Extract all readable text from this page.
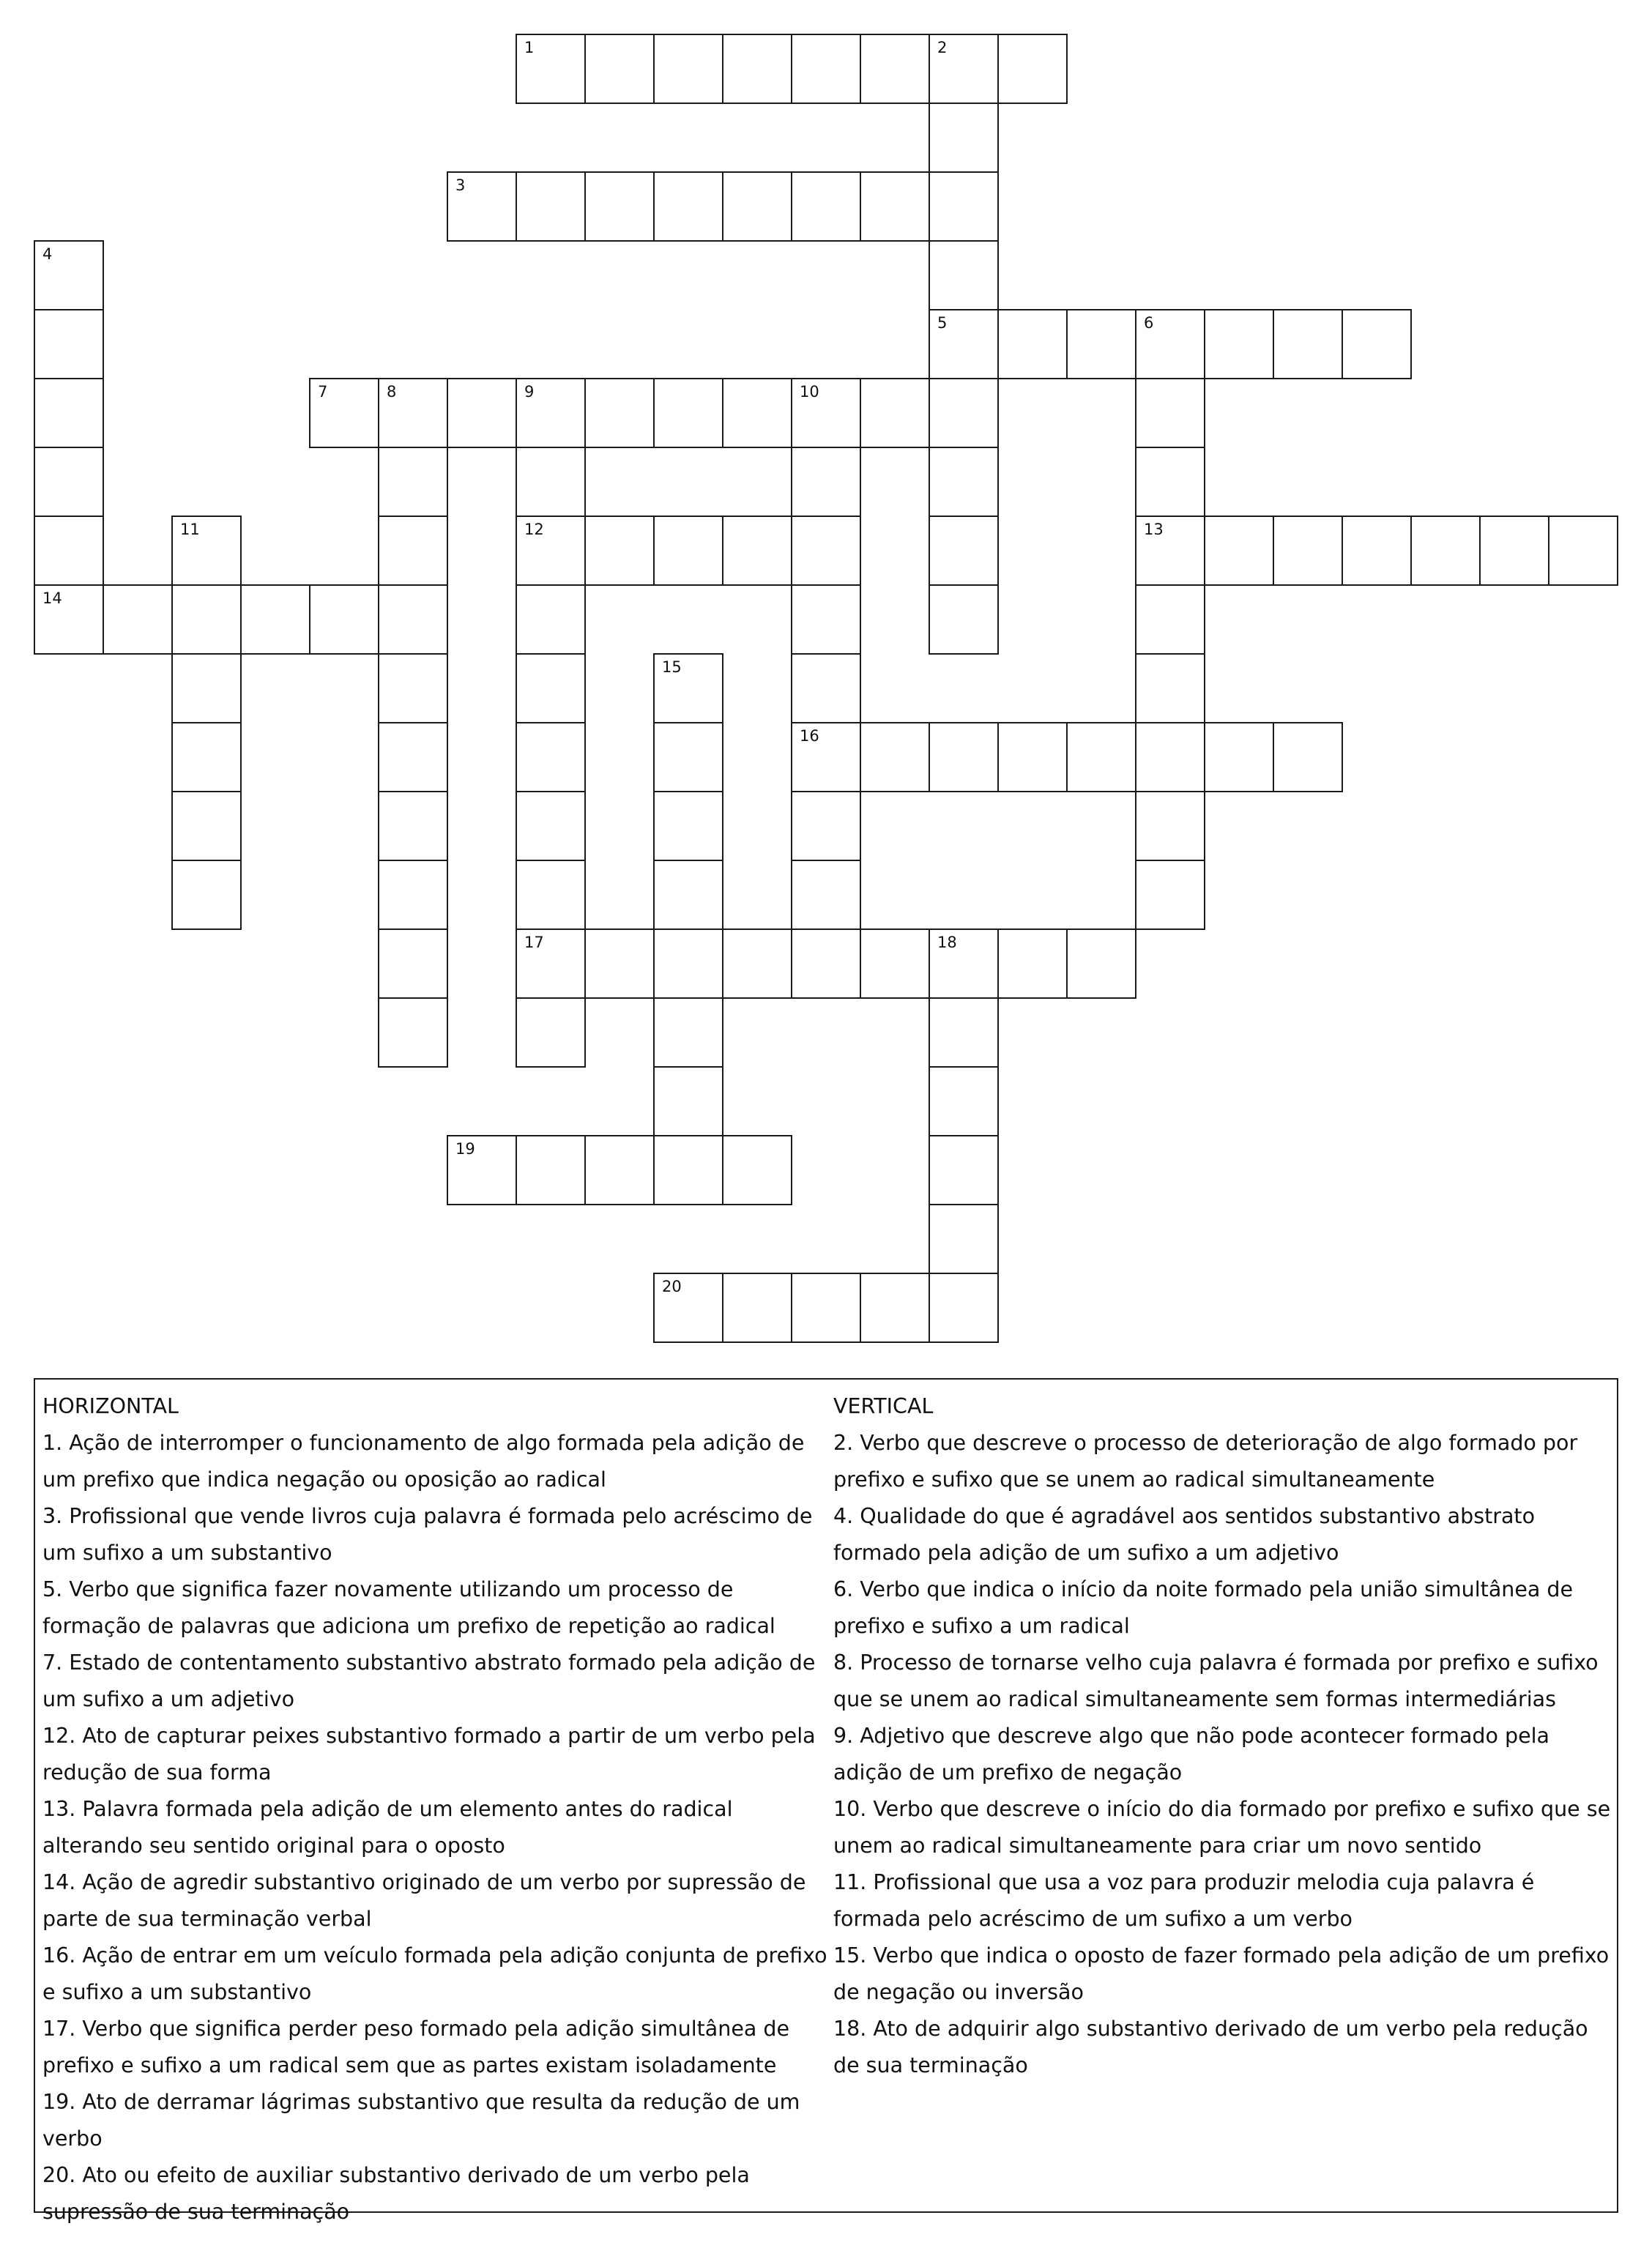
1	2
5
3
4
6
13
7	8	9	10
12
17
16
11
14
15
18
19
20

HORIZONTAL

1. Ação de interromper o funcionamento de algo formada pela adição de um prefixo que indica negação ou oposição ao radical

3. Profissional que vende livros cuja palavra é formada pelo acréscimo de um sufixo a um substantivo

5. Verbo que significa fazer novamente utilizando um processo de formação de palavras que adiciona um prefixo de repetição ao radical

7. Estado de contentamento substantivo abstrato formado pela adição de um sufixo a um adjetivo

12. Ato de capturar peixes substantivo formado a partir de um verbo pela redução de sua forma

13. Palavra formada pela adição de um elemento antes do radical alterando seu sentido original para o oposto

14. Ação de agredir substantivo originado de um verbo por supressão de parte de sua terminação verbal

16. Ação de entrar em um veículo formada pela adição conjunta de prefixo e sufixo a um substantivo

17. Verbo que significa perder peso formado pela adição simultânea de prefixo e sufixo a um radical sem que as partes existam isoladamente

19. Ato de derramar lágrimas substantivo que resulta da redução de um verbo

20. Ato ou efeito de auxiliar substantivo derivado de um verbo pela supressão de sua terminação

VERTICAL

2. Verbo que descreve o processo de deterioração de algo formado por prefixo e sufixo que se unem ao radical simultaneamente

4. Qualidade do que é agradável aos sentidos substantivo abstrato formado pela adição de um sufixo a um adjetivo

6. Verbo que indica o início da noite formado pela união simultânea de prefixo e sufixo a um radical

8. Processo de tornarse velho cuja palavra é formada por prefixo e sufixo que se unem ao radical simultaneamente sem formas intermediárias

9. Adjetivo que descreve algo que não pode acontecer formado pela adição de um prefixo de negação

10. Verbo que descreve o início do dia formado por prefixo e sufixo que se unem ao radical simultaneamente para criar um novo sentido

11. Profissional que usa a voz para produzir melodia cuja palavra é formada pelo acréscimo de um sufixo a um verbo

15. Verbo que indica o oposto de fazer formado pela adição de um prefixo de negação ou inversão

18. Ato de adquirir algo substantivo derivado de um verbo pela redução de sua terminação
